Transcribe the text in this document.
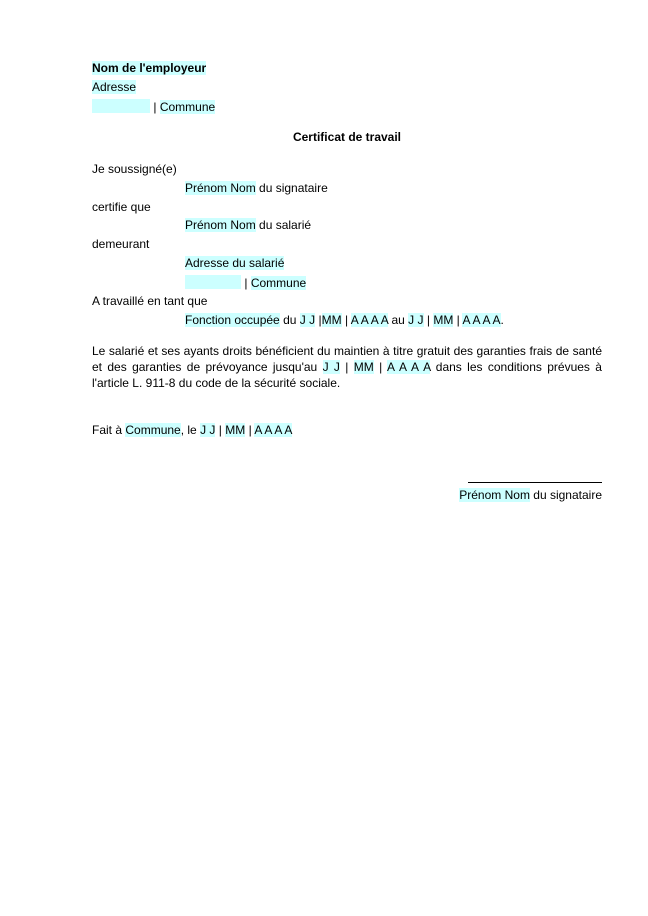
Nom de l'employeur
Adresse
| Commune
Certificat de travail
Je soussigné(e)
Prénom Nom du signataire
certifie que
Prénom Nom du salarié
demeurant
Adresse du salarié
| Commune
A travaillé en tant que
Fonction occupée du J J |MM | A A A A au J J | MM | A A A A.
Le salarié et ses ayants droits bénéficient du maintien à titre gratuit des garanties frais de santé et des garanties de prévoyance jusqu'au J J | MM | A A A A dans les conditions prévues à l'article L. 911-8 du code de la sécurité sociale.
Fait à Commune, le J J | MM | A A A A
Prénom Nom du signataire
